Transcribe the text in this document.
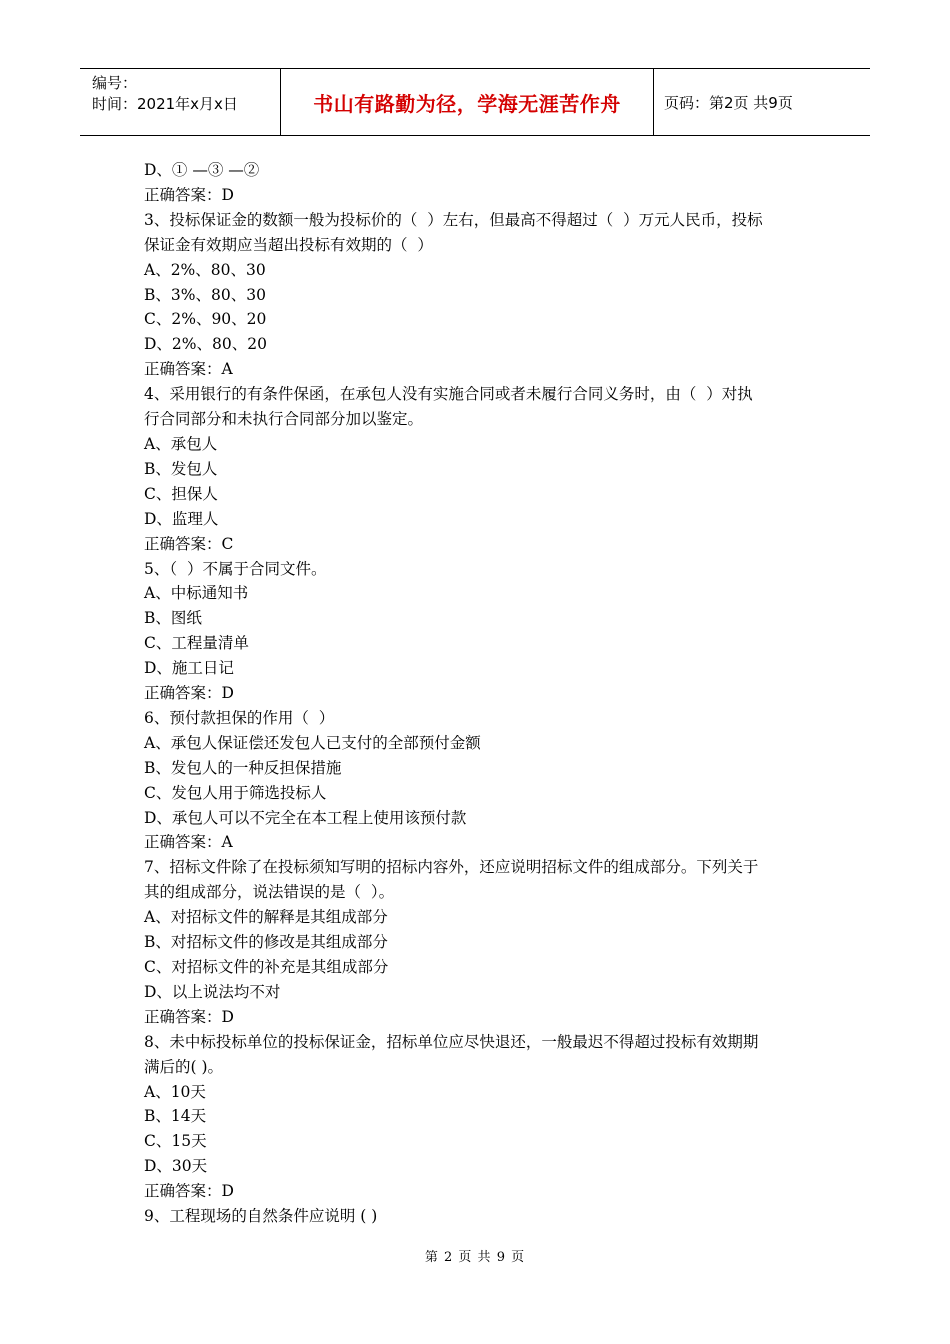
编号：
时间：2021年x月x日	书山有路勤为径，学海无涯苦作舟	页码：第2页 共9页
D、① —③ —②
正确答案：D
3、投标保证金的数额一般为投标价的（  ）左右，但最高不得超过（  ）万元人民币，投标
保证金有效期应当超出投标有效期的（  ）
A、2%、80、30
B、3%、80、30
C、2%、90、20
D、2%、80、20
正确答案：A
4、采用银行的有条件保函，在承包人没有实施合同或者未履行合同义务时，由（  ）对执
行合同部分和未执行合同部分加以鉴定。
A、承包人
B、发包人
C、担保人
D、监理人
正确答案：C
5、（  ）不属于合同文件。
A、中标通知书
B、图纸
C、工程量清单
D、施工日记
正确答案：D
6、预付款担保的作用（  ）
A、承包人保证偿还发包人已支付的全部预付金额
B、发包人的一种反担保措施
C、发包人用于筛选投标人
D、承包人可以不完全在本工程上使用该预付款
正确答案：A
7、招标文件除了在投标须知写明的招标内容外，还应说明招标文件的组成部分。下列关于
其的组成部分，说法错误的是（  ）。
A、对招标文件的解释是其组成部分
B、对招标文件的修改是其组成部分
C、对招标文件的补充是其组成部分
D、以上说法均不对
正确答案：D
8、未中标投标单位的投标保证金，招标单位应尽快退还，一般最迟不得超过投标有效期期
满后的( )。
A、10天
B、14天
C、15天
D、30天
正确答案：D
9、工程现场的自然条件应说明 ( )
第 2 页 共 9 页
